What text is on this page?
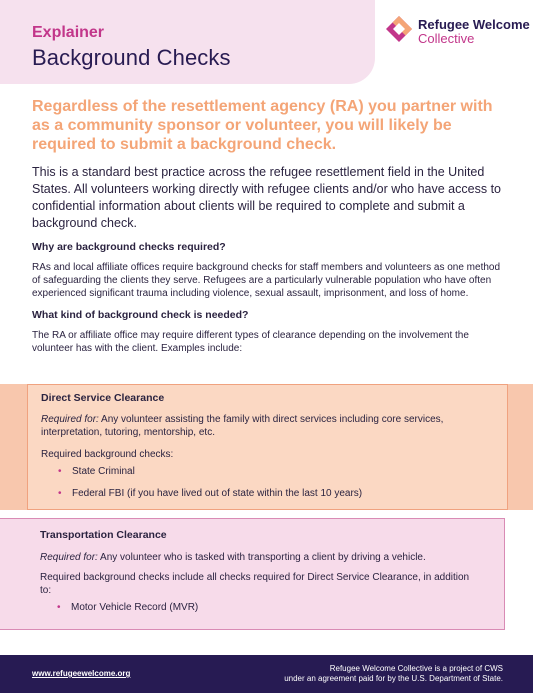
Explainer
Background Checks
Refugee Welcome
Collective

Regardless of the resettlement agency (RA) you partner with as a community sponsor or volunteer, you will likely be required to submit a background check.

This is a standard best practice across the refugee resettlement field in the United States. All volunteers working directly with refugee clients and/or who have access to confidential information about clients will be required to complete and submit a background check.

Why are background checks required?

RAs and local affiliate offices require background checks for staff members and volunteers as one method of safeguarding the clients they serve. Refugees are a particularly vulnerable population who have often experienced significant trauma including violence, sexual assault, imprisonment, and loss of home.

What kind of background check is needed?

The RA or affiliate office may require different types of clearance depending on the involvement the volunteer has with the client. Examples include:

Direct Service Clearance
Required for: Any volunteer assisting the family with direct services including core services, interpretation, tutoring, mentorship, etc.
Required background checks:
• State Criminal
• Federal FBI (if you have lived out of state within the last 10 years)
Transportation Clearance
Required for: Any volunteer who is tasked with transporting a client by driving a vehicle.
Required background checks include all checks required for Direct Service Clearance, in addition to:
• Motor Vehicle Record (MVR)
www.refugeewelcome.org
Refugee Welcome Collective is a project of CWS
under an agreement paid for by the U.S. Department of State.
